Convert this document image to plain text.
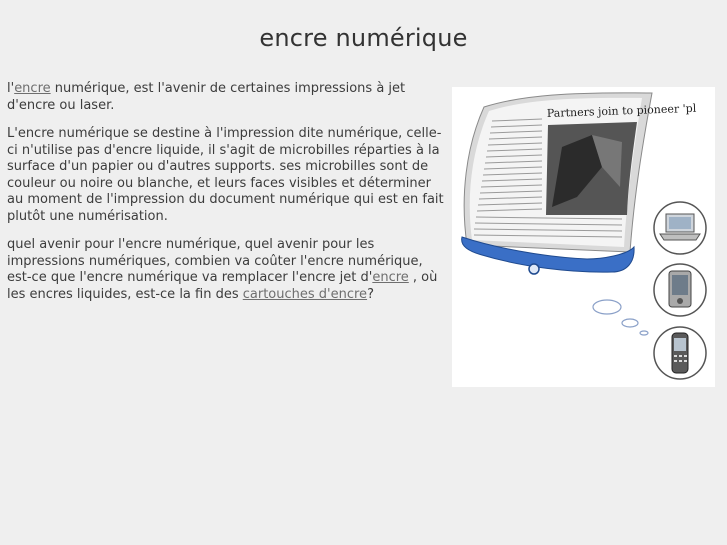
encre numérique

l'encre numérique, est l'avenir de certaines impressions à jet d'encre ou laser.

L'encre numérique se destine à l'impression dite numérique, celle-ci n'utilise pas d'encre liquide, il s'agit de microbilles réparties à la surface d'un papier ou d'autres supports. ses microbilles sont de couleur ou noire ou blanche, et leurs faces visibles et déterminer au moment de l'impression du document numérique qui est en fait plutôt une numérisation.

quel avenir pour l'encre numérique, quel avenir pour les impressions numériques, combien va coûter l'encre numérique, est-ce que l'encre numérique va remplacer l'encre jet d'encre , où les encres liquides, est-ce la fin des cartouches d'encre?

Partners join to pioneer 'pl
